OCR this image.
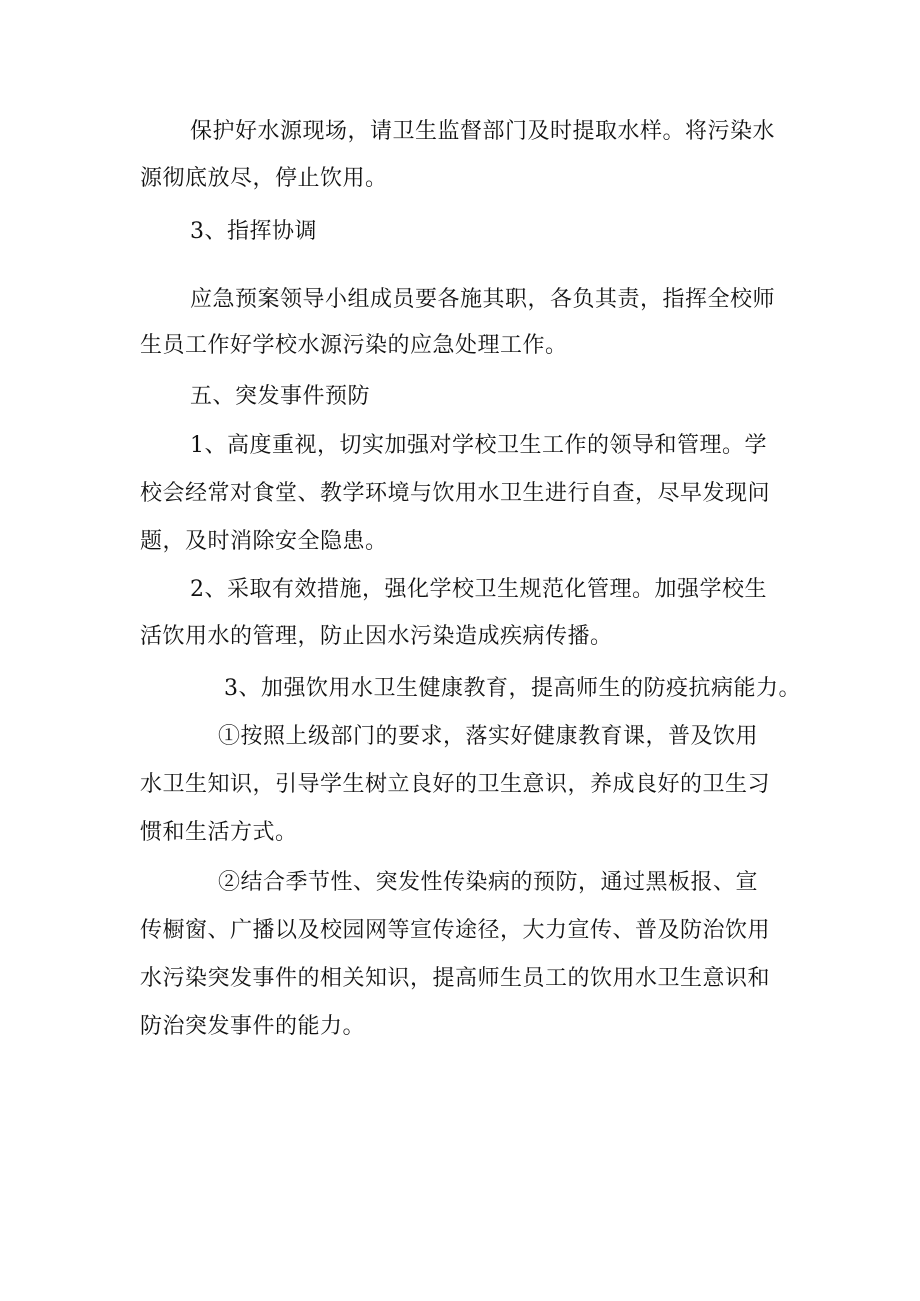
保护好水源现场，请卫生监督部门及时提取水样。将污染水
源彻底放尽，停止饮用。
3、指挥协调
应急预案领导小组成员要各施其职，各负其责，指挥全校师
生员工作好学校水源污染的应急处理工作。
五、突发事件预防
1、高度重视，切实加强对学校卫生工作的领导和管理。学
校会经常对食堂、教学环境与饮用水卫生进行自查，尽早发现问
题，及时消除安全隐患。
2、采取有效措施，强化学校卫生规范化管理。加强学校生
活饮用水的管理，防止因水污染造成疾病传播。
3、加强饮用水卫生健康教育，提高师生的防疫抗病能力。
①按照上级部门的要求，落实好健康教育课，普及饮用
水卫生知识，引导学生树立良好的卫生意识，养成良好的卫生习
惯和生活方式。
②结合季节性、突发性传染病的预防，通过黑板报、宣
传橱窗、广播以及校园网等宣传途径，大力宣传、普及防治饮用
水污染突发事件的相关知识，提高师生员工的饮用水卫生意识和
防治突发事件的能力。
